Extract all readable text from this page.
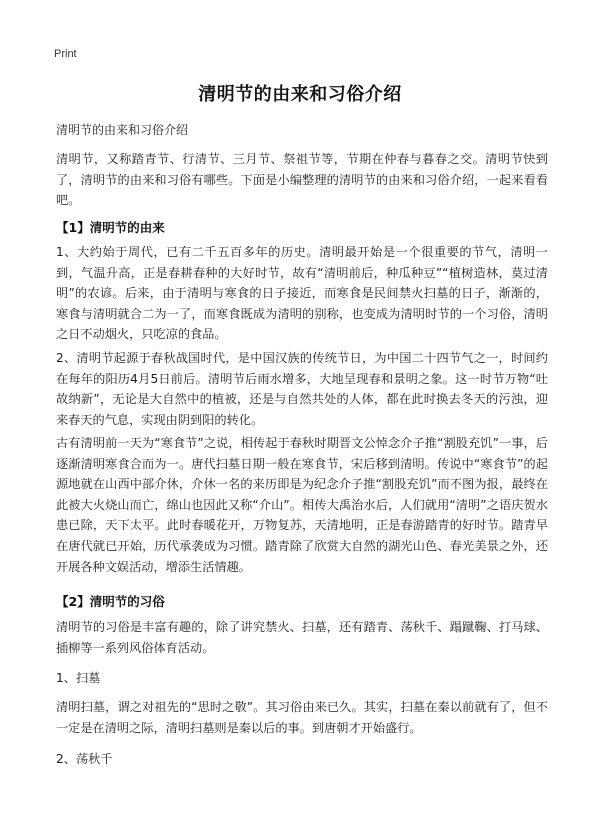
Print
清明节的由来和习俗介绍
清明节的由来和习俗介绍
清明节，又称踏青节、行清节、三月节、祭祖节等，节期在仲春与暮春之交。清明节快到了，清明节的由来和习俗有哪些。下面是小编整理的清明节的由来和习俗介绍，一起来看看吧。
【1】清明节的由来
1、大约始于周代，已有二千五百多年的历史。清明最开始是一个很重要的节气，清明一到，气温升高，正是春耕春种的大好时节，故有“清明前后，种瓜种豆”“植树造林，莫过清明”的农谚。后来，由于清明与寒食的日子接近，而寒食是民间禁火扫墓的日子，渐渐的，寒食与清明就合二为一了，而寒食既成为清明的别称，也变成为清明时节的一个习俗，清明之日不动烟火，只吃凉的食品。
2、清明节起源于春秋战国时代，是中国汉族的传统节日，为中国二十四节气之一，时间约在每年的阳历4月5日前后。清明节后雨水增多，大地呈现春和景明之象。这一时节万物“吐故纳新”，无论是大自然中的植被，还是与自然共处的人体，都在此时换去冬天的污浊，迎来春天的气息，实现由阴到阳的转化。
古有清明前一天为“寒食节”之说，相传起于春秋时期晋文公悼念介子推“割股充饥”一事，后逐渐清明寒食合而为一。唐代扫墓日期一般在寒食节，宋后移到清明。传说中“寒食节”的起源地就在山西中部介休，介休一名的来历即是为纪念介子推“割股充饥”而不图为报，最终在此被大火烧山而亡，绵山也因此又称“介山”。相传大禹治水后，人们就用“清明”之语庆贺水患已除，天下太平。此时春暖花开，万物复苏，天清地明，正是春游踏青的好时节。踏青早在唐代就已开始，历代承袭成为习惯。踏青除了欣赏大自然的湖光山色、春光美景之外，还开展各种文娱活动，增添生活情趣。
【2】清明节的习俗
清明节的习俗是丰富有趣的，除了讲究禁火、扫墓，还有踏青、荡秋千、蹋蹴鞠、打马球、插柳等一系列风俗体育活动。
1、扫墓
清明扫墓，谓之对祖先的“思时之敬”。其习俗由来已久。其实，扫墓在秦以前就有了，但不一定是在清明之际，清明扫墓则是秦以后的事。到唐朝才开始盛行。
2、荡秋千
